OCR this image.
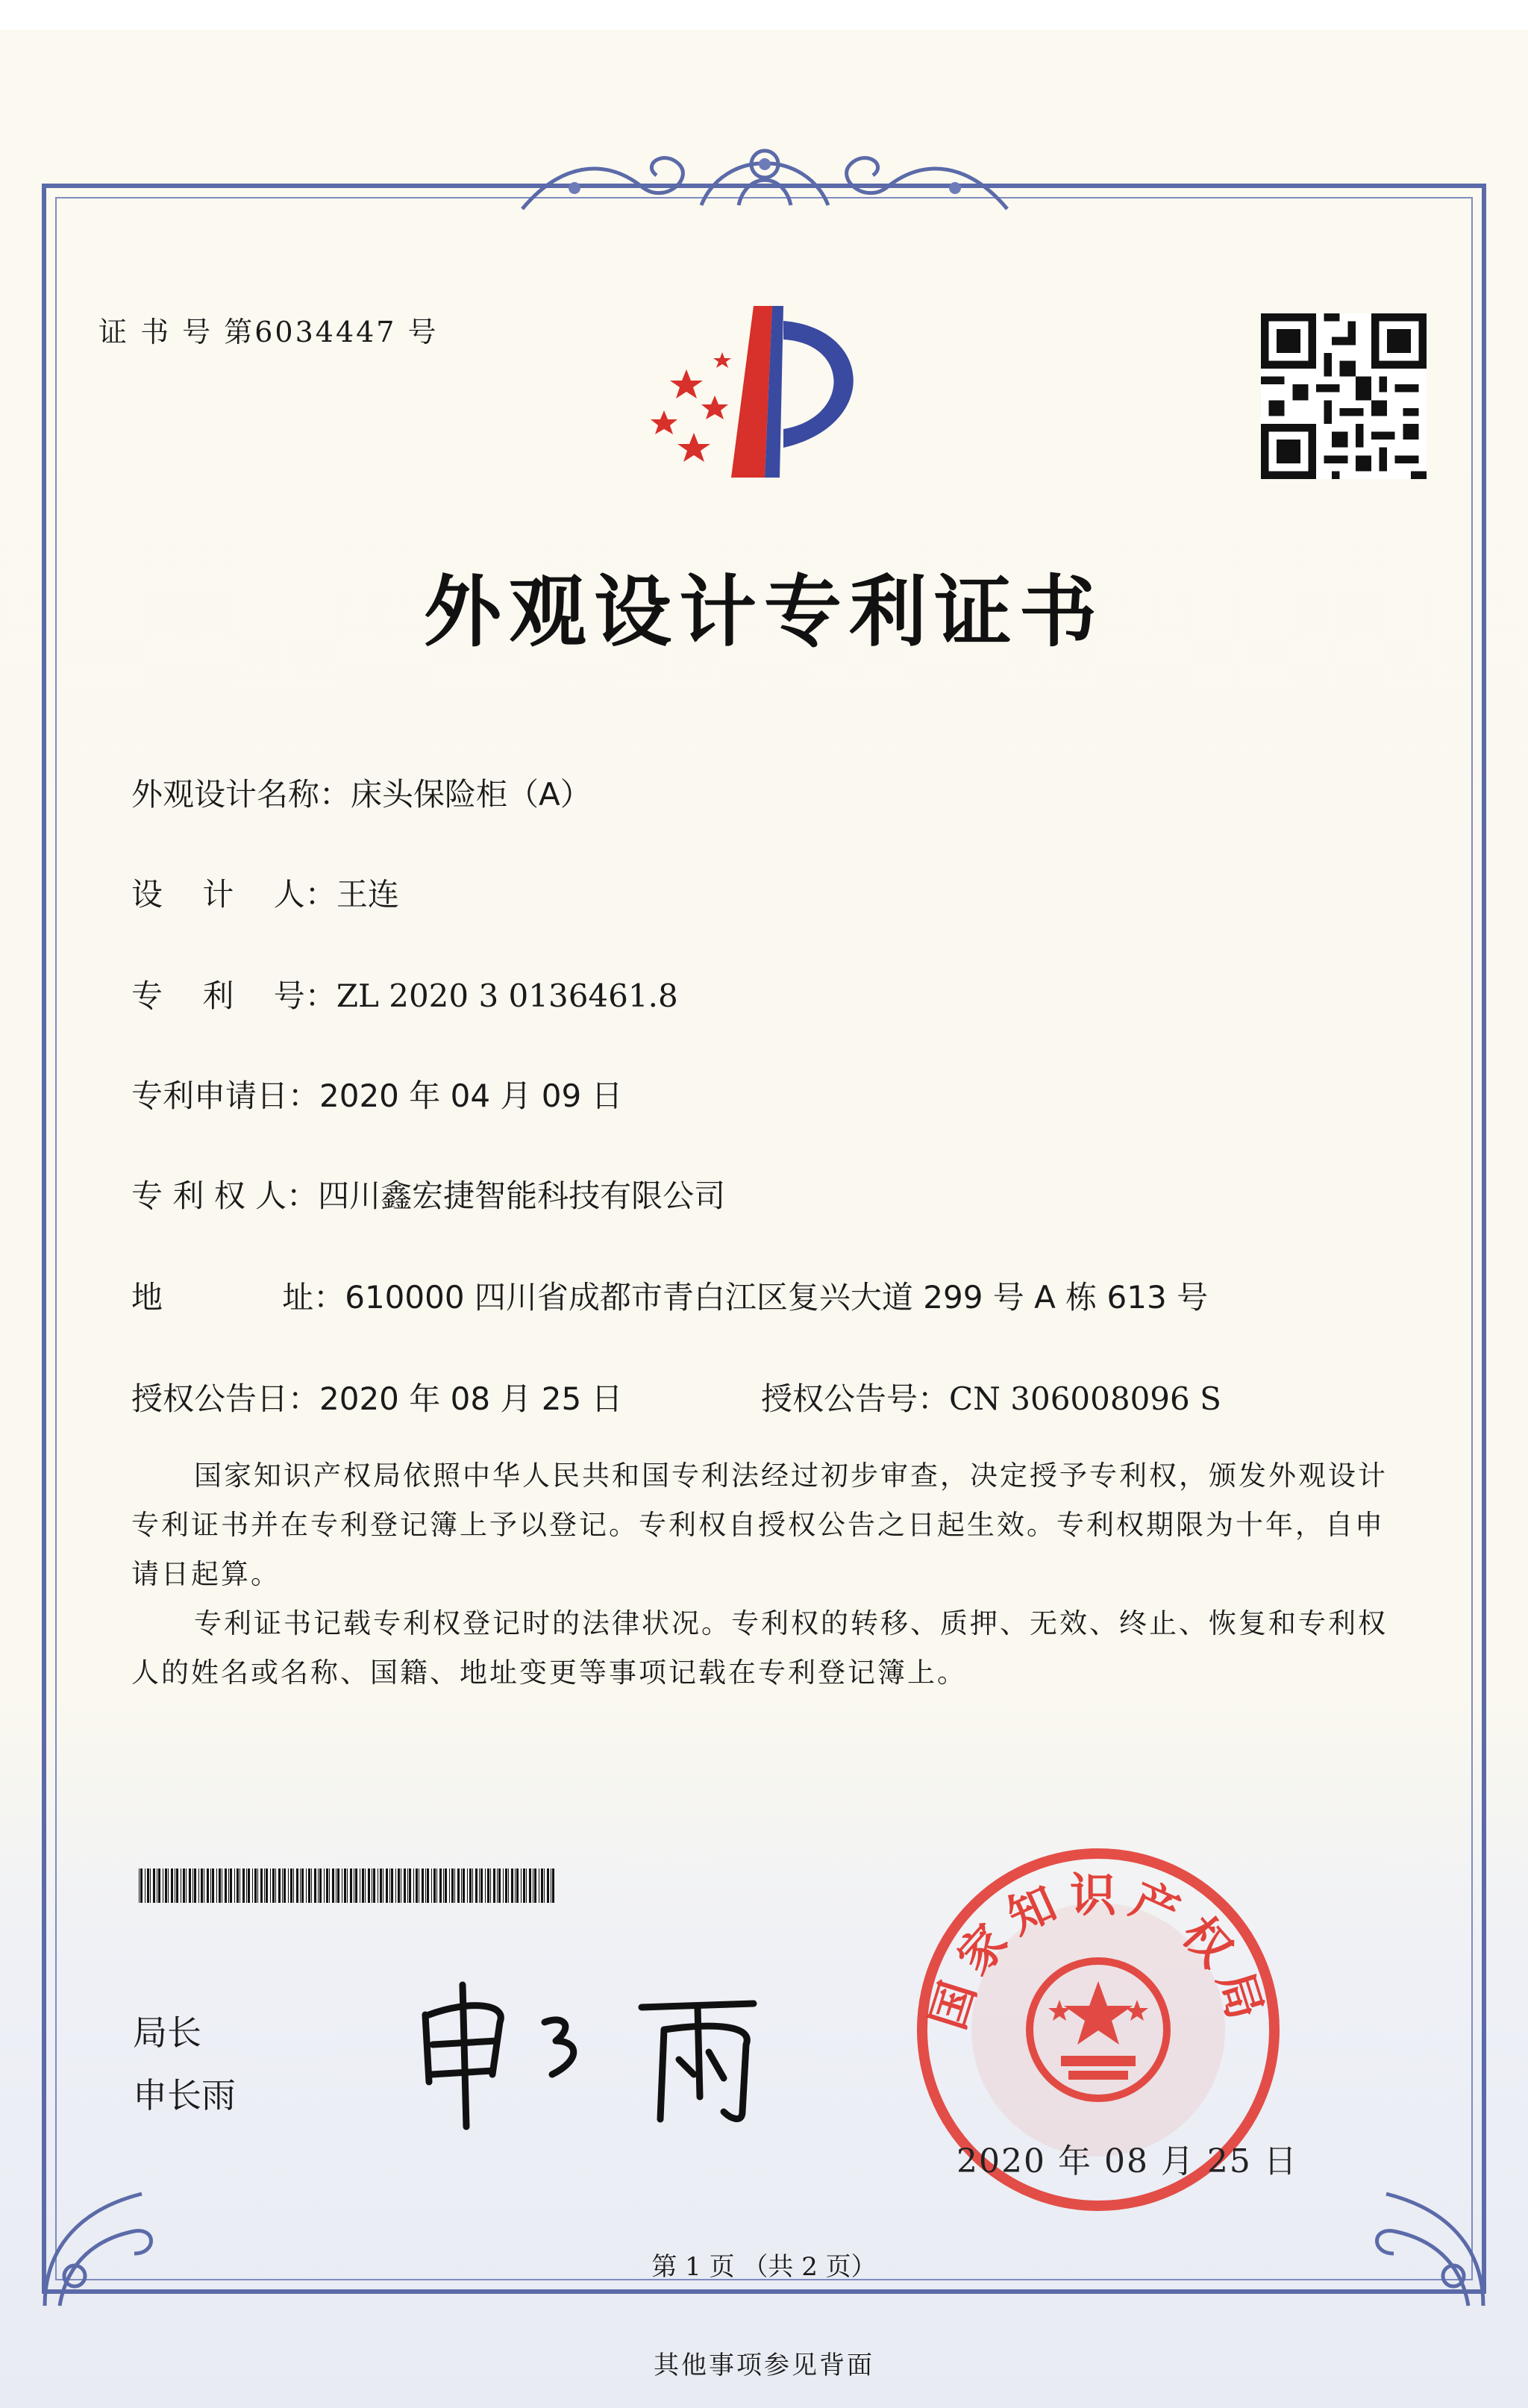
证 书 号 第6034447 号
外观设计专利证书
外观设计名称：床头保险柜（A）
设    计    人：王连
专    利    号：ZL 2020 3 0136461.8
专利申请日：2020 年 04 月 09 日
专 利 权 人：四川鑫宏捷智能科技有限公司
地            址：610000 四川省成都市青白江区复兴大道 299 号 A 栋 613 号
授权公告日：2020 年 08 月 25 日	授权公告号：CN 306008096 S
国家知识产权局依照中华人民共和国专利法经过初步审查，决定授予专利权，颁发外观设计专利证书并在专利登记簿上予以登记。专利权自授权公告之日起生效。专利权期限为十年，自申请日起算。
专利证书记载专利权登记时的法律状况。专利权的转移、质押、无效、终止、恢复和专利权人的姓名或名称、国籍、地址变更等事项记载在专利登记簿上。
局长
申长雨
国家知识产权局
2020 年 08 月 25 日
第 1 页 （共 2 页）
其他事项参见背面
